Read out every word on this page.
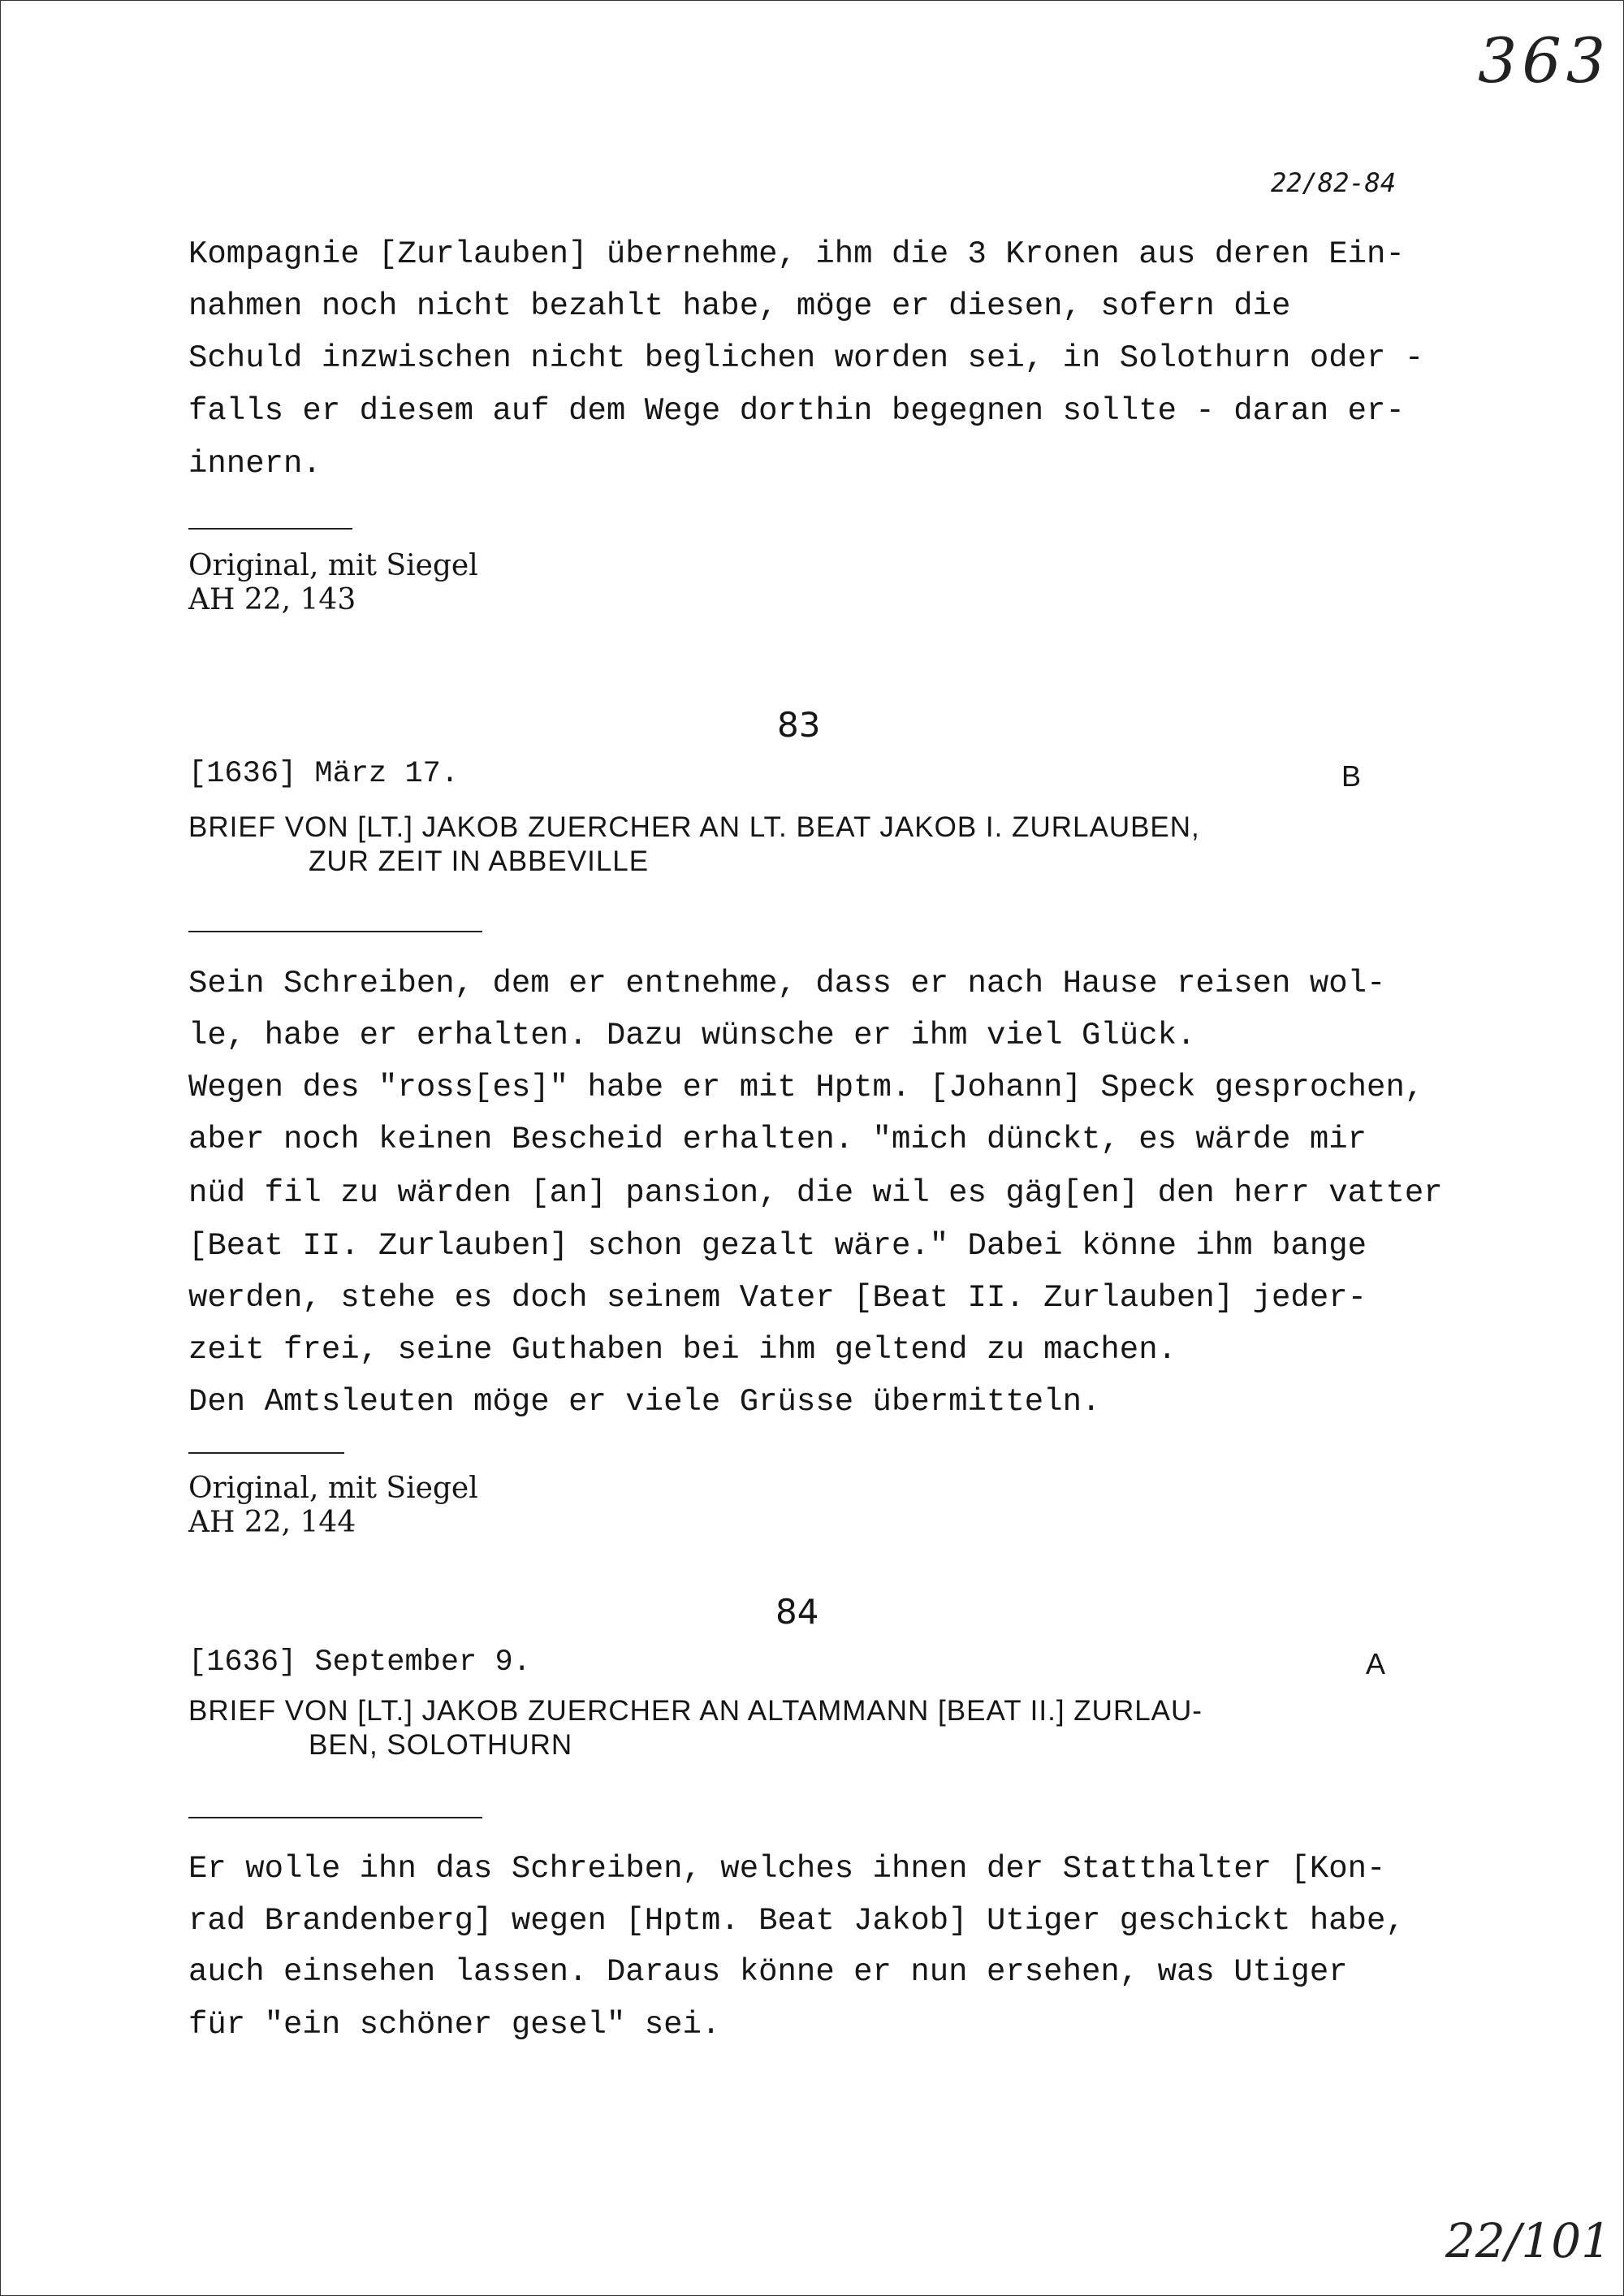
363
22/82-84
Kompagnie [Zurlauben] übernehme, ihm die 3 Kronen aus deren Ein-
nahmen noch nicht bezahlt habe, möge er diesen, sofern die
Schuld inzwischen nicht beglichen worden sei, in Solothurn oder -
falls er diesem auf dem Wege dorthin begegnen sollte - daran er-
innern.
Original, mit Siegel
AH 22, 143
83
[1636] März 17.	B
BRIEF VON [LT.] JAKOB ZUERCHER AN LT. BEAT JAKOB I. ZURLAUBEN,
ZUR ZEIT IN ABBEVILLE
Sein Schreiben, dem er entnehme, dass er nach Hause reisen wol-
le, habe er erhalten. Dazu wünsche er ihm viel Glück.
Wegen des "ross[es]" habe er mit Hptm. [Johann] Speck gesprochen,
aber noch keinen Bescheid erhalten. "mich dünckt, es wärde mir
nüd fil zu wärden [an] pansion, die wil es gäg[en] den herr vatter
[Beat II. Zurlauben] schon gezalt wäre." Dabei könne ihm bange
werden, stehe es doch seinem Vater [Beat II. Zurlauben] jeder-
zeit frei, seine Guthaben bei ihm geltend zu machen.
Den Amtsleuten möge er viele Grüsse übermitteln.
Original, mit Siegel
AH 22, 144
84
[1636] September 9.	A
BRIEF VON [LT.] JAKOB ZUERCHER AN ALTAMMANN [BEAT II.] ZURLAU-
BEN, SOLOTHURN
Er wolle ihn das Schreiben, welches ihnen der Statthalter [Kon-
rad Brandenberg] wegen [Hptm. Beat Jakob] Utiger geschickt habe,
auch einsehen lassen. Daraus könne er nun ersehen, was Utiger
für "ein schöner gesel" sei.
22/101
